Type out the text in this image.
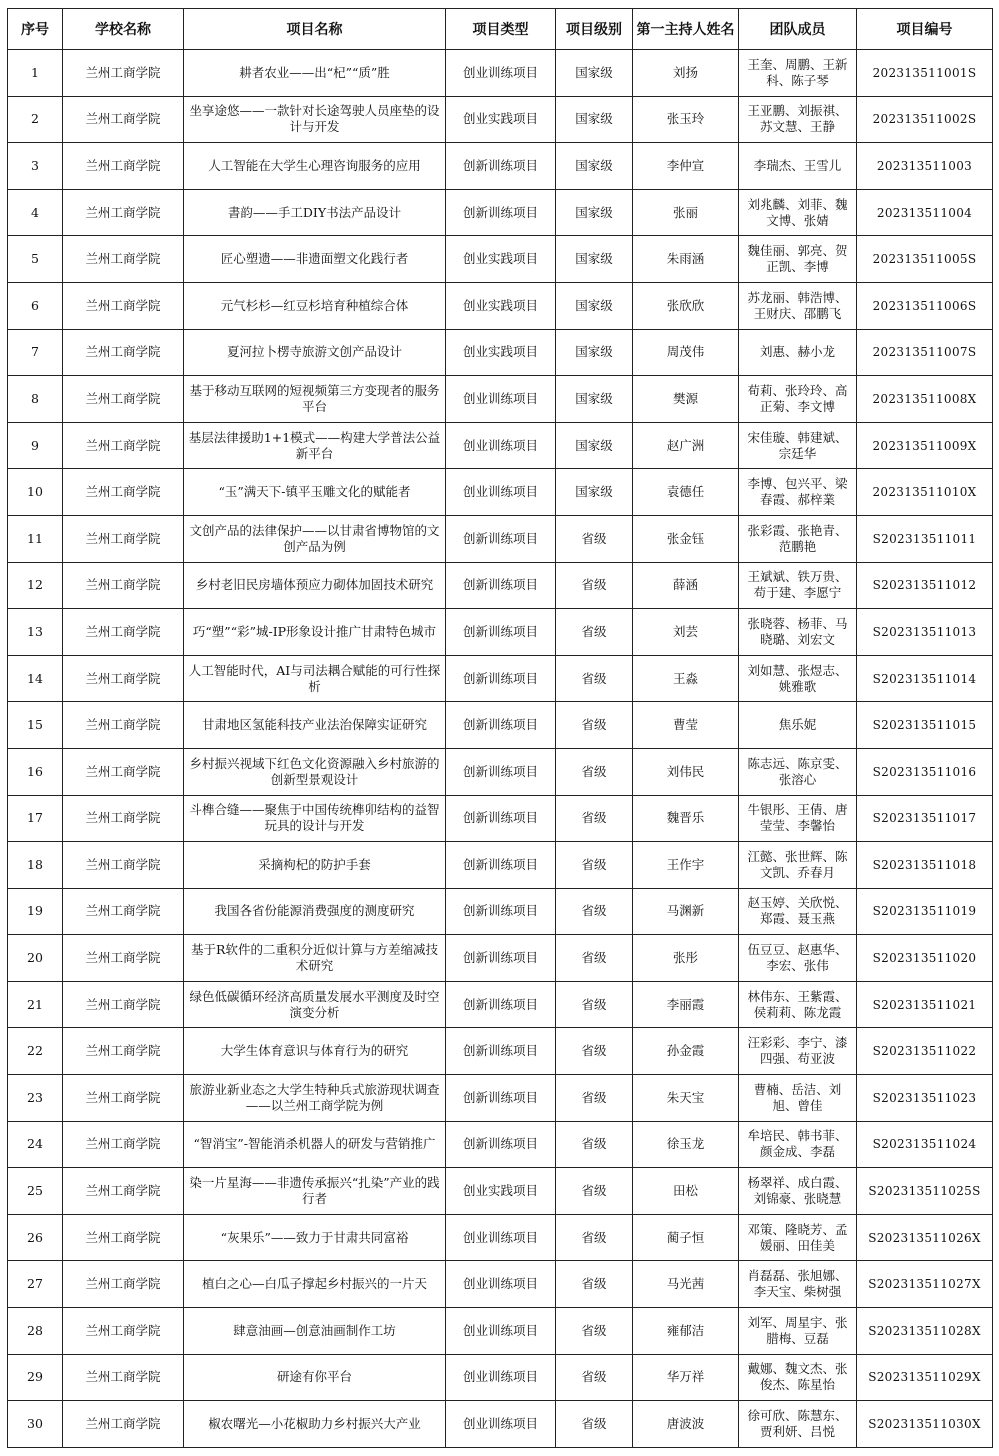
序号	学校名称	项目名称	项目类型	项目级别	第一主持人姓名	团队成员	项目编号
1	兰州工商学院	耕者农业——出“杞”“质”胜	创业训练项目	国家级	刘扬	王奎、周鹏、王新科、陈子琴	202313511001S
2	兰州工商学院	坐享途悠——一款针对长途驾驶人员座垫的设计与开发	创业实践项目	国家级	张玉玲	王亚鹏、刘振祺、苏文慧、王静	202313511002S
3	兰州工商学院	人工智能在大学生心理咨询服务的应用	创新训练项目	国家级	李仲宣	李瑞杰、王雪儿	202313511003
4	兰州工商学院	書韵——手工DIY书法产品设计	创新训练项目	国家级	张丽	刘兆麟、刘菲、魏文博、张婧	202313511004
5	兰州工商学院	匠心塑遗——非遗面塑文化践行者	创业实践项目	国家级	朱雨涵	魏佳丽、郭亮、贺正凯、李博	202313511005S
6	兰州工商学院	元气杉杉—红豆杉培育种植综合体	创业实践项目	国家级	张欣欣	苏龙丽、韩浩博、王财庆、邵鹏飞	202313511006S
7	兰州工商学院	夏河拉卜楞寺旅游文创产品设计	创业实践项目	国家级	周茂伟	刘惠、赫小龙	202313511007S
8	兰州工商学院	基于移动互联网的短视频第三方变现者的服务平台	创业训练项目	国家级	樊源	荀莉、张玲玲、高正菊、李文博	202313511008X
9	兰州工商学院	基层法律援助1+1模式——构建大学普法公益新平台	创业训练项目	国家级	赵广洲	宋佳璇、韩建斌、宗廷华	202313511009X
10	兰州工商学院	“玉”满天下-镇平玉雕文化的赋能者	创业训练项目	国家级	袁德任	李博、包兴平、梁春霞、郝梓業	202313511010X
11	兰州工商学院	文创产品的法律保护——以甘肃省博物馆的文创产品为例	创新训练项目	省级	张金钰	张彩霞、张艳青、范鹏艳	S202313511011
12	兰州工商学院	乡村老旧民房墙体预应力砌体加固技术研究	创新训练项目	省级	薛涵	王斌斌、铁万贵、苟于建、李愿宁	S202313511012
13	兰州工商学院	巧“塑”“彩”城-IP形象设计推广甘肃特色城市	创新训练项目	省级	刘芸	张晓蓉、杨菲、马晓璐、刘宏文	S202313511013
14	兰州工商学院	人工智能时代，AI与司法耦合赋能的可行性探析	创新训练项目	省级	王淼	刘如慧、张煜志、姚雅歌	S202313511014
15	兰州工商学院	甘肃地区氢能科技产业法治保障实证研究	创新训练项目	省级	曹莹	焦乐妮	S202313511015
16	兰州工商学院	乡村振兴视域下红色文化资源融入乡村旅游的创新型景观设计	创新训练项目	省级	刘伟民	陈志远、陈京雯、张溶心	S202313511016
17	兰州工商学院	斗榫合缝——聚焦于中国传统榫卯结构的益智玩具的设计与开发	创新训练项目	省级	魏晋乐	牛银彤、王倩、唐莹莹、李馨怡	S202313511017
18	兰州工商学院	采摘枸杞的防护手套	创新训练项目	省级	王作宇	江懿、张世辉、陈文凯、乔春月	S202313511018
19	兰州工商学院	我国各省份能源消费强度的测度研究	创新训练项目	省级	马渊新	赵玉婷、关欣悦、郑霞、聂玉燕	S202313511019
20	兰州工商学院	基于R软件的二重积分近似计算与方差缩减技术研究	创新训练项目	省级	张彤	伍豆豆、赵惠华、李宏、张伟	S202313511020
21	兰州工商学院	绿色低碳循环经济高质量发展水平测度及时空演变分析	创新训练项目	省级	李丽霞	林伟东、王紫霞、侯莉莉、陈龙霞	S202313511021
22	兰州工商学院	大学生体育意识与体育行为的研究	创新训练项目	省级	孙金霞	汪彩彩、李宁、漆四强、苟亚波	S202313511022
23	兰州工商学院	旅游业新业态之大学生特种兵式旅游现状调查——以兰州工商学院为例	创新训练项目	省级	朱天宝	曹楠、岳洁、刘旭、曾佳	S202313511023
24	兰州工商学院	“智消宝”-智能消杀机器人的研发与营销推广	创新训练项目	省级	徐玉龙	牟培民、韩书菲、颜金成、李磊	S202313511024
25	兰州工商学院	染一片星海——非遗传承振兴“扎染”产业的践行者	创业实践项目	省级	田松	杨翠祥、成白霞、刘锦豪、张晓慧	S202313511025S
26	兰州工商学院	“灰果乐”——致力于甘肃共同富裕	创业训练项目	省级	蔺子恒	邓策、隆晓芳、孟媛丽、田佳美	S202313511026X
27	兰州工商学院	植白之心—白瓜子撑起乡村振兴的一片天	创业训练项目	省级	马光茜	肖磊磊、张旭娜、李天宝、柴树强	S202313511027X
28	兰州工商学院	肆意油画—创意油画制作工坊	创业训练项目	省级	雍郁洁	刘军、周星宇、张腊梅、豆磊	S202313511028X
29	兰州工商学院	研途有你平台	创业训练项目	省级	华万祥	戴娜、魏文杰、张俊杰、陈星怡	S202313511029X
30	兰州工商学院	椒农曙光—小花椒助力乡村振兴大产业	创业训练项目	省级	唐波波	徐可欣、陈慧东、贾利妍、吕悦	S202313511030X
